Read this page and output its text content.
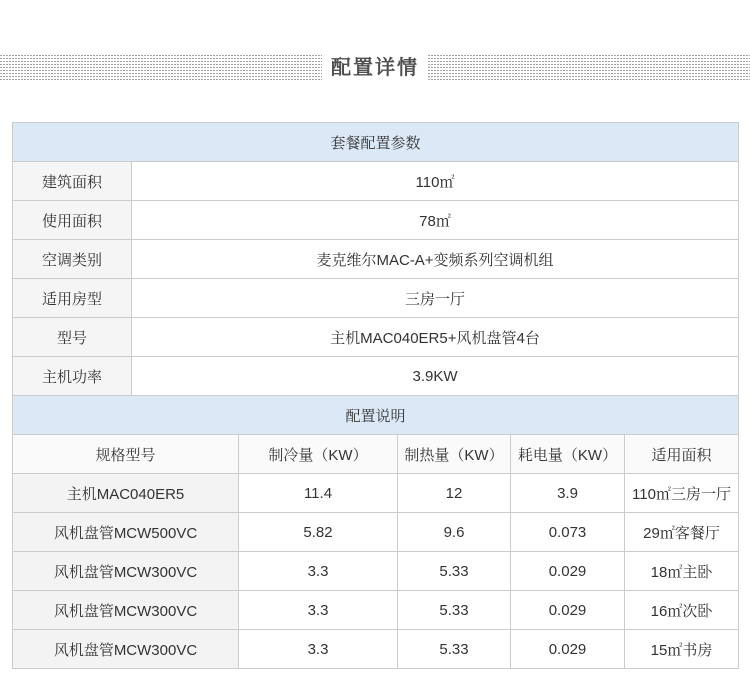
配置详情
套餐配置参数	
建筑面积	110㎡
使用面积	78㎡
空调类别	麦克维尔MAC-A+变频系列空调机组
适用房型	三房一厅
型号	主机MAC040ER5+风机盘管4台
主机功率	3.9KW
配置说明				
规格型号	制冷量（KW）	制热量（KW）	耗电量（KW）	适用面积
主机MAC040ER5	11.4	12	3.9	110㎡三房一厅
风机盘管MCW500VC	5.82	9.6	0.073	29㎡客餐厅
风机盘管MCW300VC	3.3	5.33	0.029	18㎡主卧
风机盘管MCW300VC	3.3	5.33	0.029	16㎡次卧
风机盘管MCW300VC	3.3	5.33	0.029	15㎡书房
